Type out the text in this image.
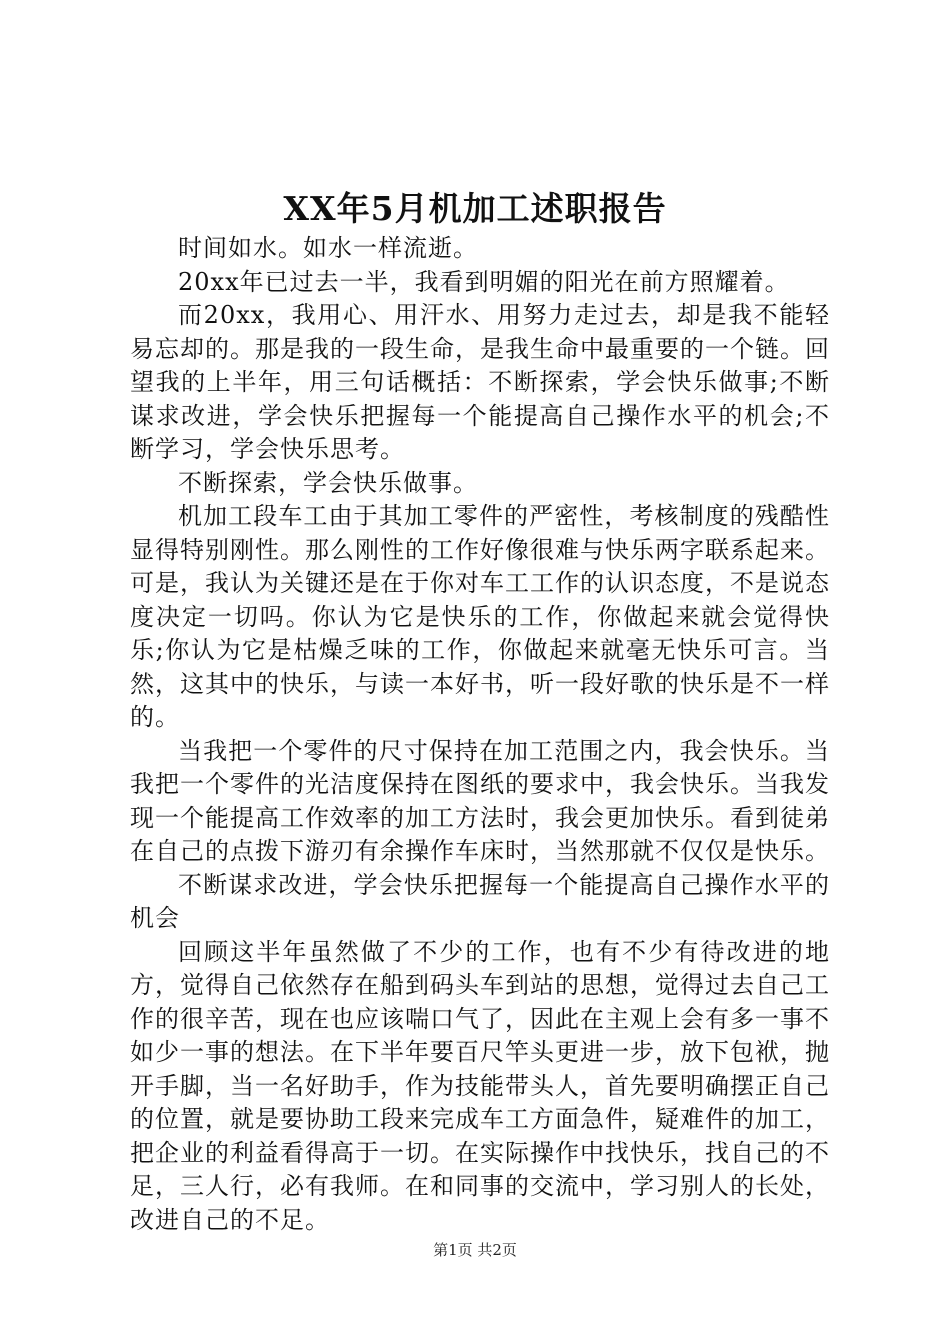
XX年5月机加工述职报告

时间如水。如水一样流逝。

20xx年已过去一半，我看到明媚的阳光在前方照耀着。

而20xx，我用心、用汗水、用努力走过去，却是我不能轻易忘却的。那是我的一段生命，是我生命中最重要的一个链。回望我的上半年，用三句话概括：不断探索，学会快乐做事;不断谋求改进，学会快乐把握每一个能提高自己操作水平的机会;不断学习，学会快乐思考。

不断探索，学会快乐做事。

机加工段车工由于其加工零件的严密性，考核制度的残酷性显得特别刚性。那么刚性的工作好像很难与快乐两字联系起来。可是，我认为关键还是在于你对车工工作的认识态度，不是说态度决定一切吗。你认为它是快乐的工作，你做起来就会觉得快乐;你认为它是枯燥乏味的工作，你做起来就毫无快乐可言。当然，这其中的快乐，与读一本好书，听一段好歌的快乐是不一样的。

当我把一个零件的尺寸保持在加工范围之内，我会快乐。当我把一个零件的光洁度保持在图纸的要求中，我会快乐。当我发现一个能提高工作效率的加工方法时，我会更加快乐。看到徒弟在自己的点拨下游刃有余操作车床时，当然那就不仅仅是快乐。

不断谋求改进，学会快乐把握每一个能提高自己操作水平的机会

回顾这半年虽然做了不少的工作，也有不少有待改进的地方，觉得自己依然存在船到码头车到站的思想，觉得过去自己工作的很辛苦，现在也应该喘口气了，因此在主观上会有多一事不如少一事的想法。在下半年要百尺竿头更进一步，放下包袱，抛开手脚，当一名好助手，作为技能带头人，首先要明确摆正自己的位置，就是要协助工段来完成车工方面急件，疑难件的加工，把企业的利益看得高于一切。在实际操作中找快乐，找自己的不足，三人行，必有我师。在和同事的交流中，学习别人的长处，改进自己的不足。

第1页 共2页
